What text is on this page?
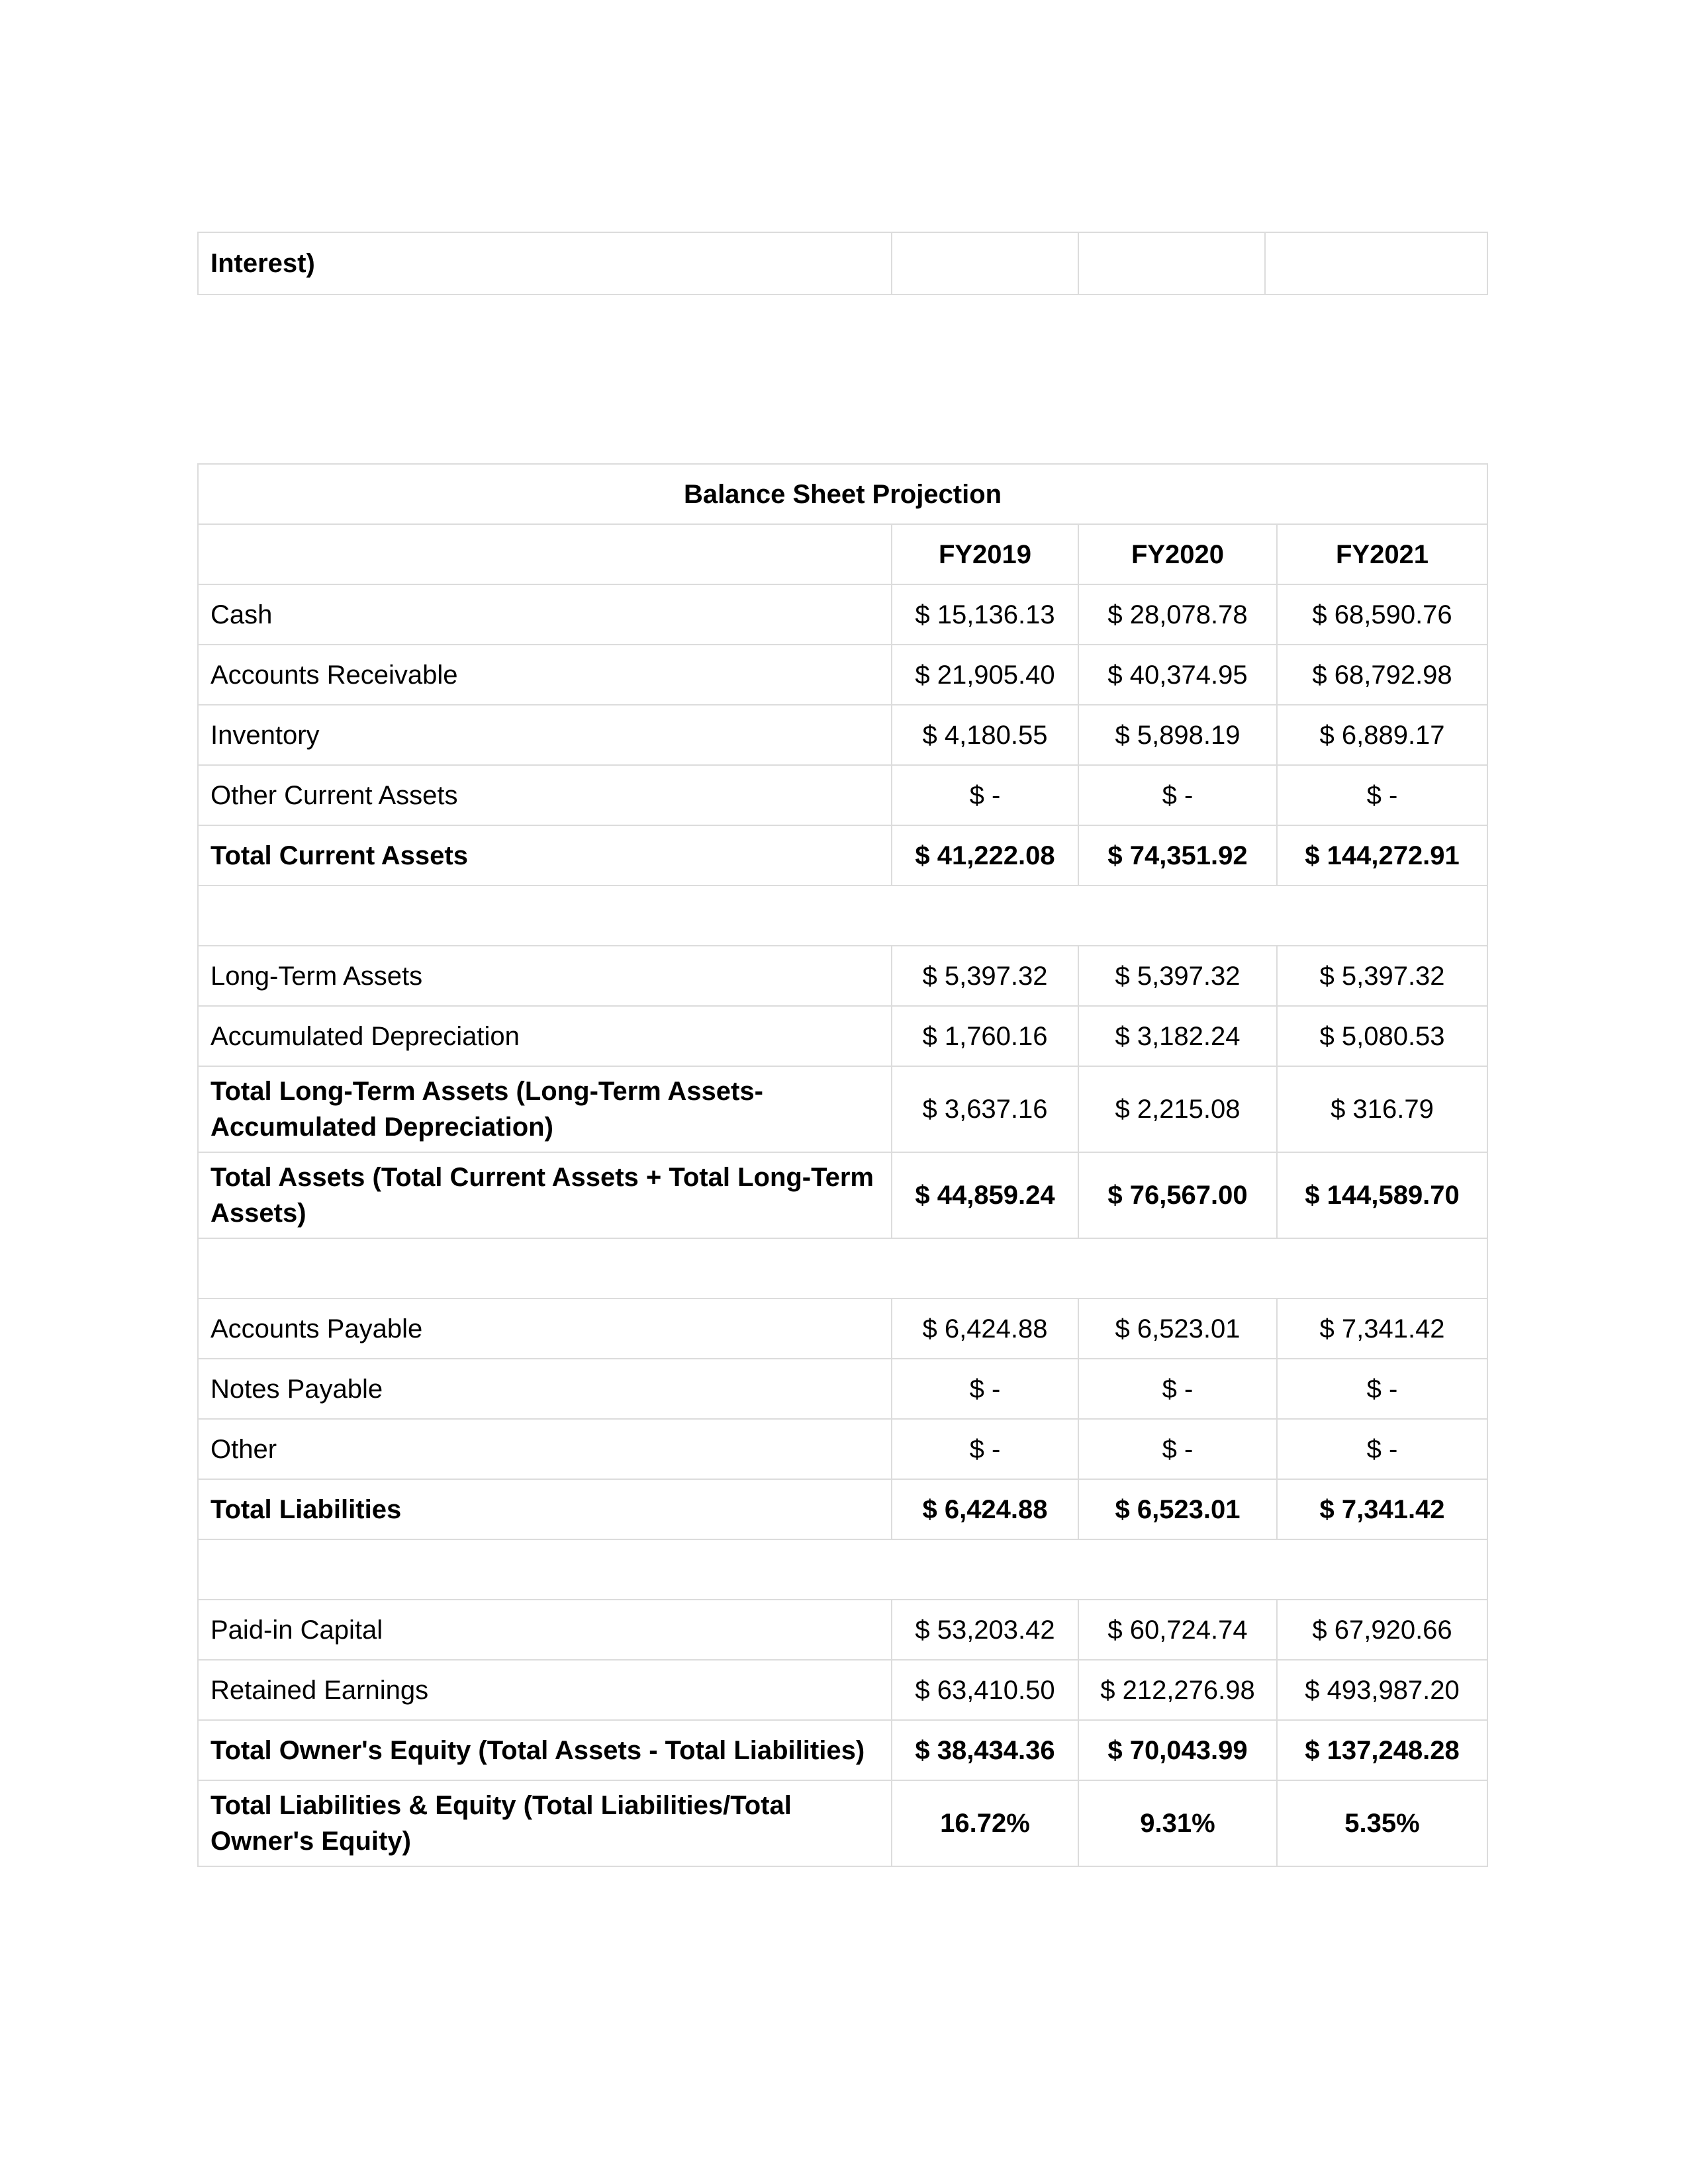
Interest)			
Balance Sheet Projection			
	FY2019	FY2020	FY2021
Cash	$ 15,136.13	$ 28,078.78	$ 68,590.76
Accounts Receivable	$ 21,905.40	$ 40,374.95	$ 68,792.98
Inventory	$ 4,180.55	$ 5,898.19	$ 6,889.17
Other Current Assets	$ -	$ -	$ -
Total Current Assets	$ 41,222.08	$ 74,351.92	$ 144,272.91

Long-Term Assets	$ 5,397.32	$ 5,397.32	$ 5,397.32
Accumulated Depreciation	$ 1,760.16	$ 3,182.24	$ 5,080.53
Total Long-Term Assets (Long-Term Assets-Accumulated Depreciation)	$ 3,637.16	$ 2,215.08	$ 316.79
Total Assets (Total Current Assets + Total Long-Term Assets)	$ 44,859.24	$ 76,567.00	$ 144,589.70

Accounts Payable	$ 6,424.88	$ 6,523.01	$ 7,341.42
Notes Payable	$ -	$ -	$ -
Other	$ -	$ -	$ -
Total Liabilities	$ 6,424.88	$ 6,523.01	$ 7,341.42

Paid-in Capital	$ 53,203.42	$ 60,724.74	$ 67,920.66
Retained Earnings	$ 63,410.50	$ 212,276.98	$ 493,987.20
Total Owner's Equity (Total Assets - Total Liabilities)	$ 38,434.36	$ 70,043.99	$ 137,248.28
Total Liabilities & Equity (Total Liabilities/Total Owner's Equity)	16.72%	9.31%	5.35%
